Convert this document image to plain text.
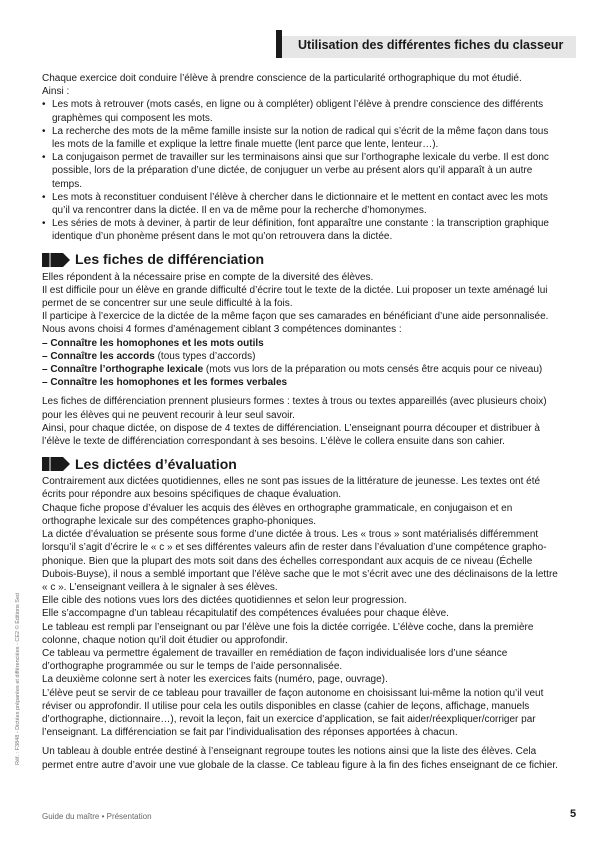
Utilisation des différentes fiches du classeur

Chaque exercice doit conduire l’élève à prendre conscience de la particularité orthographique du mot étudié.

Ainsi :

• Les mots à retrouver (mots casés, en ligne ou à compléter) obligent l’élève à prendre conscience des différents graphèmes qui composent les mots.
• La recherche des mots de la même famille insiste sur la notion de radical qui s’écrit de la même façon dans tous les mots de la famille et explique la lettre finale muette (lent parce que lente, lenteur…).
• La conjugaison permet de travailler sur les terminaisons ainsi que sur l’orthographe lexicale du verbe. Il est donc possible, lors de la préparation d’une dictée, de conjuguer un verbe au présent alors qu’il apparaît à un autre temps.
• Les mots à reconstituer conduisent l’élève à chercher dans le dictionnaire et le mettent en contact avec les mots qu’il va rencontrer dans la dictée. Il en va de même pour la recherche d’homonymes.
• Les séries de mots à deviner, à partir de leur définition, font apparaître une constante : la transcription graphique identique d’un phonème présent dans le mot qu’on retrouvera dans la dictée.
Les fiches de différenciation

Elles répondent à la nécessaire prise en compte de la diversité des élèves.

Il est difficile pour un élève en grande difficulté d’écrire tout le texte de la dictée. Lui proposer un texte aménagé lui permet de se concentrer sur une seule difficulté à la fois.

Il participe à l’exercice de la dictée de la même façon que ses camarades en bénéficiant d’une aide personnalisée.

Nous avons choisi 4 formes d’aménagement ciblant 3 compétences dominantes :

– Connaître les homophones et les mots outils

– Connaître les accords (tous types d’accords)

– Connaître l’orthographe lexicale (mots vus lors de la préparation ou mots censés être acquis pour ce niveau)

– Connaître les homophones et les formes verbales

Les fiches de différenciation prennent plusieurs formes : textes à trous ou textes appareillés (avec plusieurs choix) pour les élèves qui ne peuvent recourir à leur seul savoir.

Ainsi, pour chaque dictée, on dispose de 4 textes de différenciation. L’enseignant pourra découper et distribuer à l’élève le texte de différenciation correspondant à ses besoins. L’élève le collera ensuite dans son cahier.

Les dictées d’évaluation

Contrairement aux dictées quotidiennes, elles ne sont pas issues de la littérature de jeunesse. Les textes ont été écrits pour répondre aux besoins spécifiques de chaque évaluation.

Chaque fiche propose d’évaluer les acquis des élèves en orthographe grammaticale, en conjugaison et en orthographe lexicale sur des compétences grapho-phoniques.

La dictée d’évaluation se présente sous forme d’une dictée à trous. Les « trous » sont matérialisés différemment lorsqu’il s’agit d’écrire le « c » et ses différentes valeurs afin de rester dans l’évaluation d’une compétence grapho-phonique. Bien que la plupart des mots soit dans des échelles correspondant aux acquis de ce niveau (Échelle Dubois-Buyse), il nous a semblé important que l’élève sache que le mot s’écrit avec une des déclinaisons de la lettre « c ». L’enseignant veillera à le signaler à ses élèves.

Elle cible des notions vues lors des dictées quotidiennes et selon leur progression.

Elle s’accompagne d’un tableau récapitulatif des compétences évaluées pour chaque élève.

Le tableau est rempli par l’enseignant ou par l’élève une fois la dictée corrigée. L’élève coche, dans la première colonne, chaque notion qu’il doit étudier ou approfondir.

Ce tableau va permettre également de travailler en remédiation de façon individualisée lors d’une séance d’orthographe programmée ou sur le temps de l’aide personnalisée.

La deuxième colonne sert à noter les exercices faits (numéro, page, ouvrage).

L’élève peut se servir de ce tableau pour travailler de façon autonome en choisissant lui-même la notion qu’il veut réviser ou approfondir. Il utilise pour cela les outils disponibles en classe (cahier de leçons, affichage, manuels d’orthographe, dictionnaire…), revoit la leçon, fait un exercice d’application, se fait aider/réexpliquer/corriger par l’enseignant. La différenciation se fait par l’individualisation des réponses apportées à chacun.

Un tableau à double entrée destiné à l’enseignant regroupe toutes les notions ainsi que la liste des élèves. Cela permet entre autre d’avoir une vue globale de la classe. Ce tableau figure à la fin des fiches enseignant de ce fichier.

Réf. : F3848 - Dictées préparées et différenciées - CE2 © Éditions Sed
Guide du maître • Présentation	5
